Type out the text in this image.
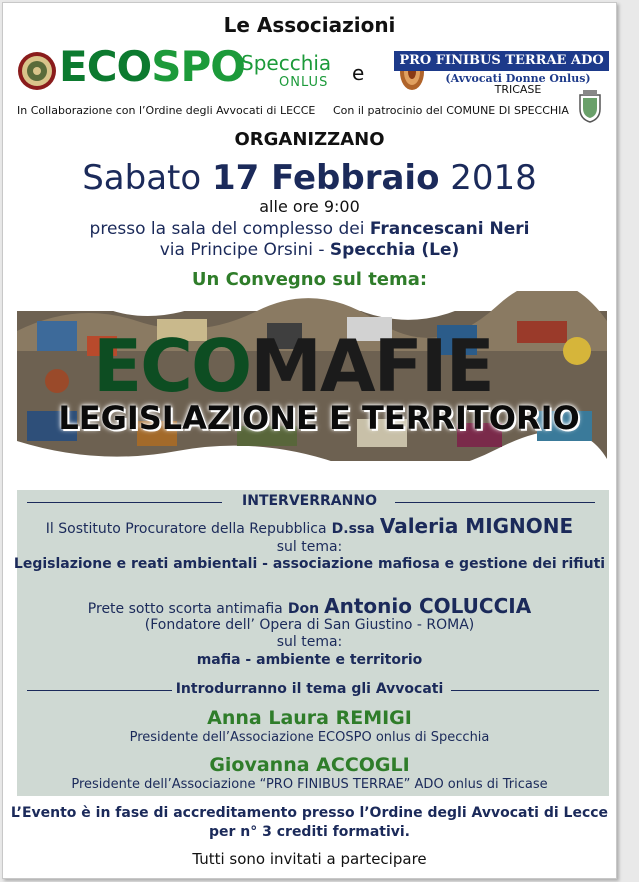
Le Associazioni
ECOSPO
Specchia
ONLUS e
PRO FINIBUS TERRAE ADO
(Avvocati Donne Onlus)
TRICASE
In Collaborazione con l’Ordine degli Avvocati di LECCE Con il patrocinio del COMUNE DI SPECCHIA
ORGANIZZANO
Sabato 17 Febbraio 2018
alle ore 9:00
presso la sala del complesso dei Francescani Neri
via Principe Orsini - Specchia (Le)
Un Convegno sul tema:
ECOMAFIE
LEGISLAZIONE E TERRITORIO
INTERVERRANNO
Il Sostituto Procuratore della Repubblica D.ssa Valeria MIGNONE
sul tema:
Legislazione e reati ambientali - associazione mafiosa e gestione dei rifiuti
Prete sotto scorta antimafia Don Antonio COLUCCIA
(Fondatore dell’ Opera di San Giustino - ROMA)
sul tema:
mafia - ambiente e territorio
Introdurranno il tema gli Avvocati
Anna Laura REMIGI
Presidente dell’Associazione ECOSPO onlus di Specchia
Giovanna ACCOGLI
Presidente dell’Associazione “PRO FINIBUS TERRAE” ADO onlus di Tricase
L’Evento è in fase di accreditamento presso l’Ordine degli Avvocati di Lecce
per n° 3 crediti formativi.
Tutti sono invitati a partecipare
